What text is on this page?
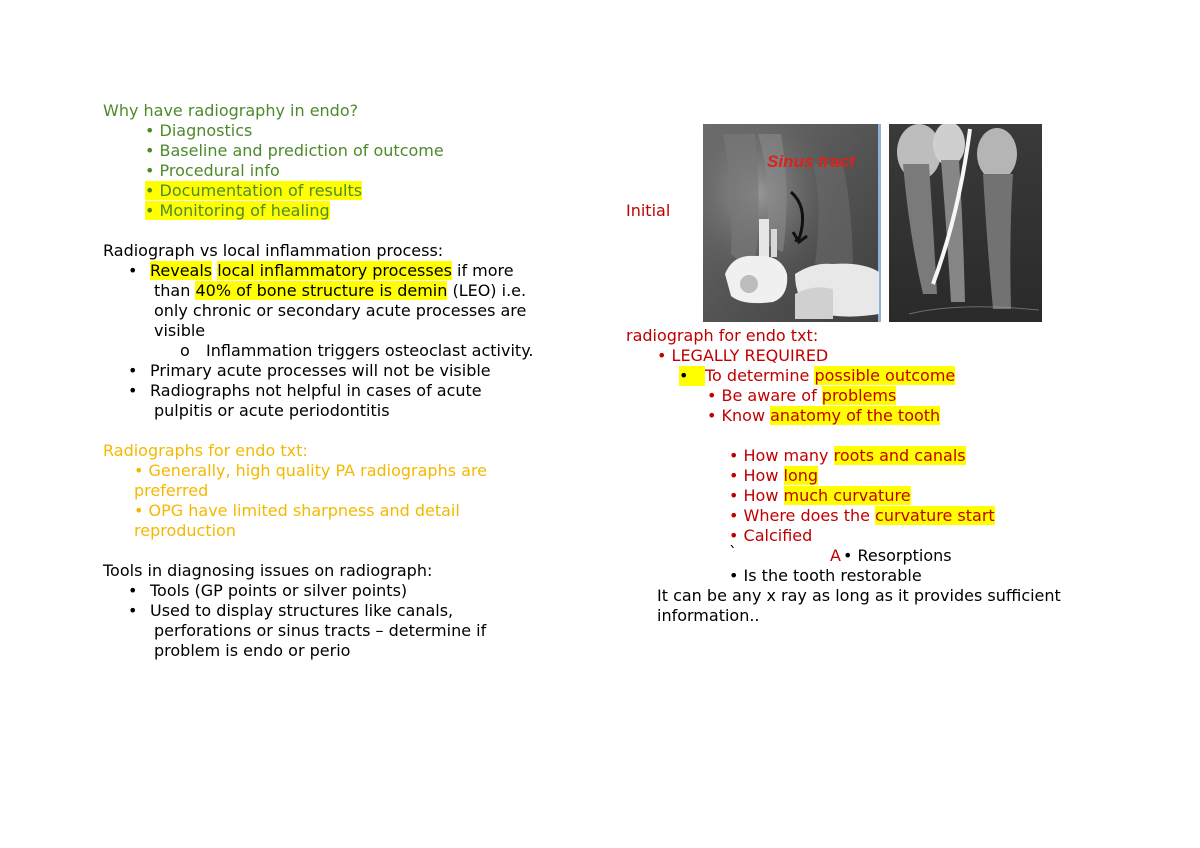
Why have radiography in endo?
• Diagnostics
• Baseline and prediction of outcome
• Procedural info
• Documentation of results
• Monitoring of healing
Radiograph vs local inflammation process:
• Reveals local inflammatory processes if more
than 40% of bone structure is demin (LEO) i.e.
only chronic or secondary acute processes are
visible
o Inflammation triggers osteoclast activity.
• Primary acute processes will not be visible
• Radiographs not helpful in cases of acute
pulpitis or acute periodontitis
Radiographs for endo txt:
• Generally, high quality PA radiographs are
preferred
• OPG have limited sharpness and detail
reproduction
Tools in diagnosing issues on radiograph:
• Tools (GP points or silver points)
• Used to display structures like canals,
perforations or sinus tracts – determine if
problem is endo or perio
Initial
Sinus tract
radiograph for endo txt:
• LEGALLY REQUIRED
• To determine possible outcome
• Be aware of problems
• Know anatomy of the tooth
• How many roots and canals
• How long
• How much curvature
• Where does the curvature start
• Calcified
`	A • Resorptions
• Is the tooth restorable
It can be any x ray as long as it provides sufficient
information..
